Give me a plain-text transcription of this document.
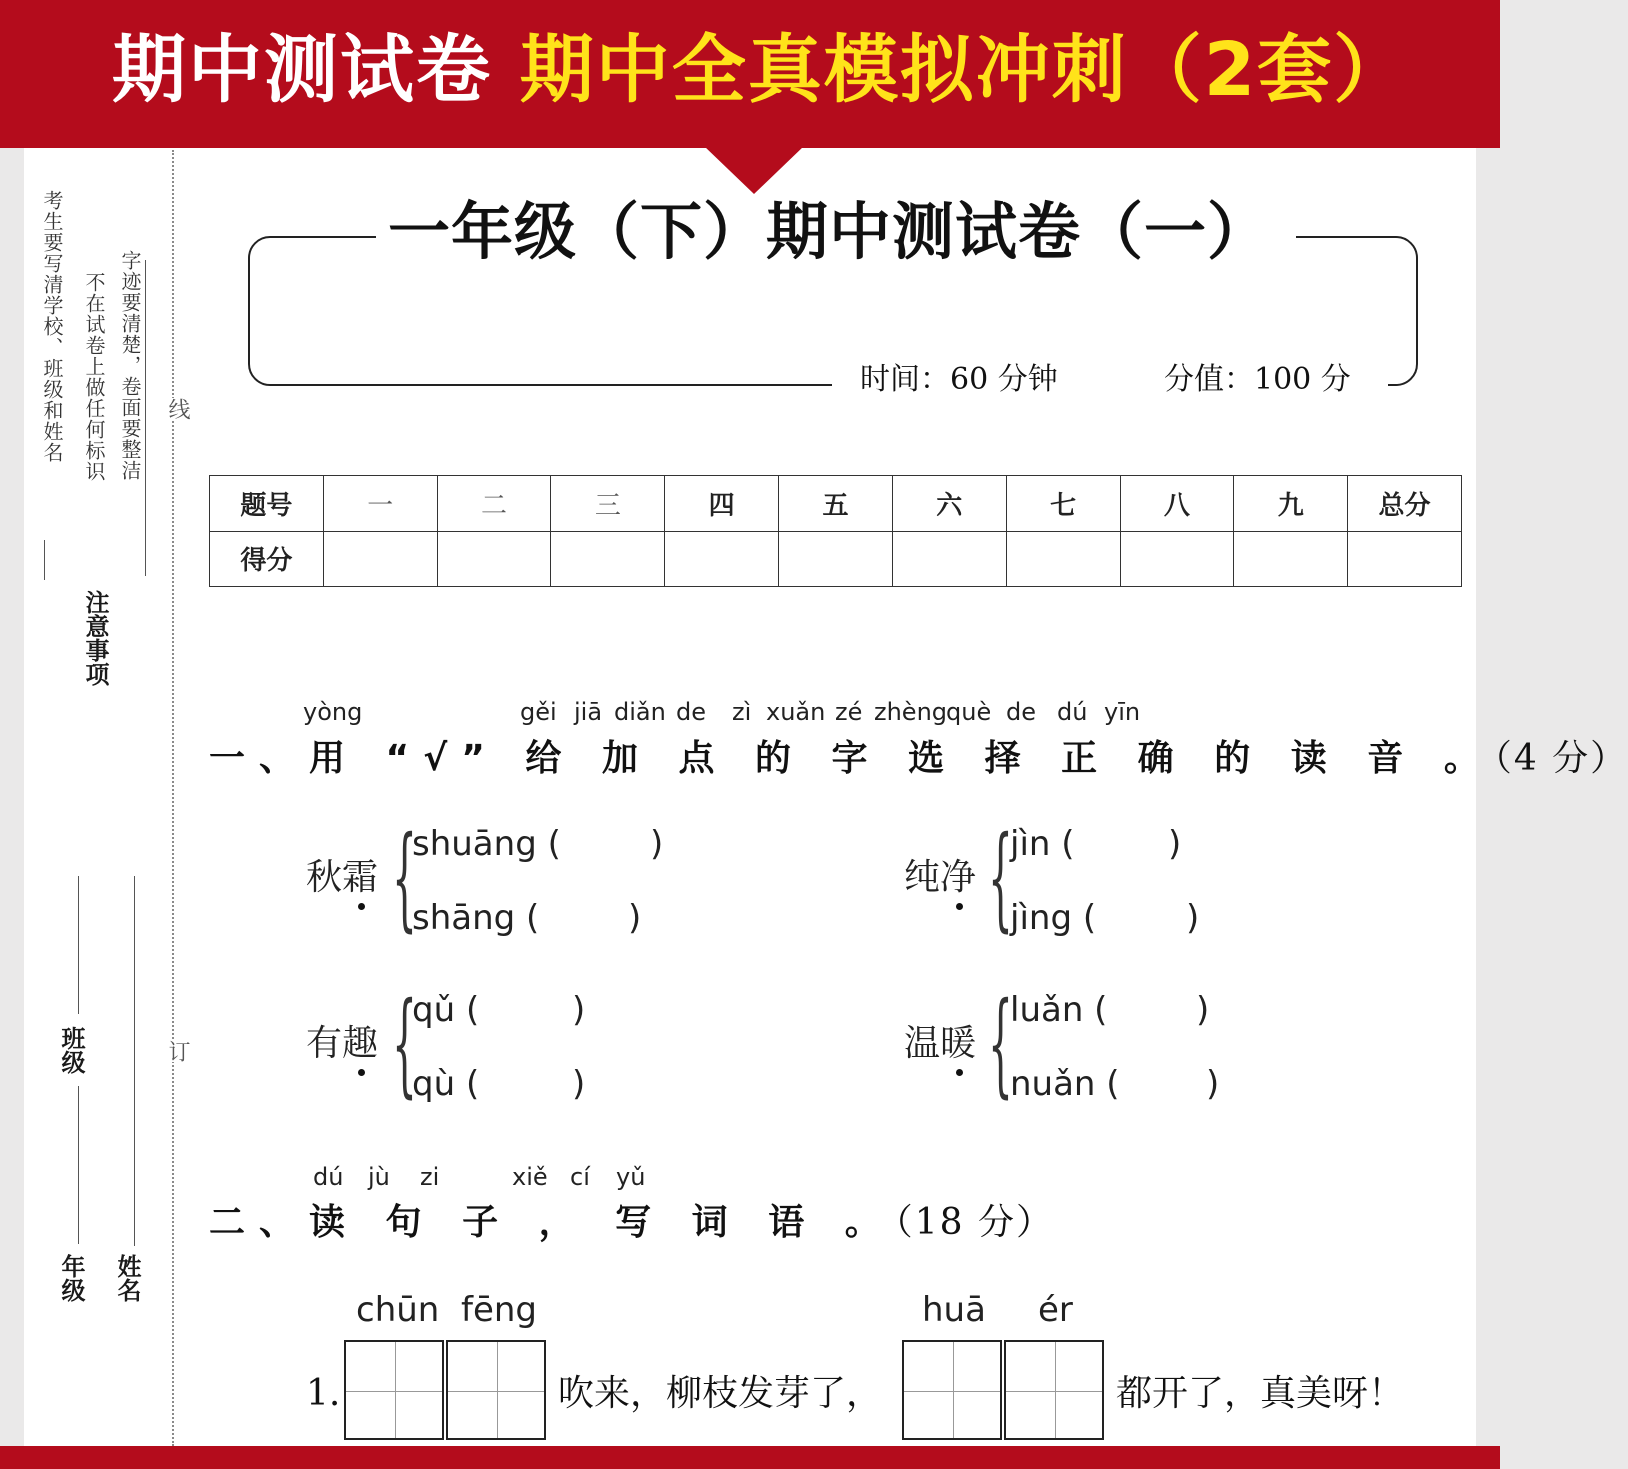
期中测试卷 期中全真模拟冲刺（2套）
字迹要清楚，卷面要整洁
不在试卷上做任何标识
考生要写清学校、班级和姓名
注意事项
线
订
班级
年级 姓名
一年级（下）期中测试卷（一）
时间：60 分钟	分值：100 分
题号	一	二	三	四	五	六	七	八	九	总分
得分										
yòng	gěi jiā diǎn de zì xuǎn zé zhèng
què de dú yīn
一、用 “√” 给 加 点 的 字 选 择 正 确 的 读 音 。（4 分）
秋霜 {
shuāng (	)
shāng (	)
纯净 {
jìn (	)
jìng (	)
有趣 {
qǔ (	)
qù (	)
温暖 {
luǎn (	)
nuǎn (	)
dú jù zi	xiě cí yǔ
二、读 句 子 ， 写 词 语 。（18 分）
chūn fēng
1.	吹来，柳枝发芽了，
huā ér
都开了，真美呀！
